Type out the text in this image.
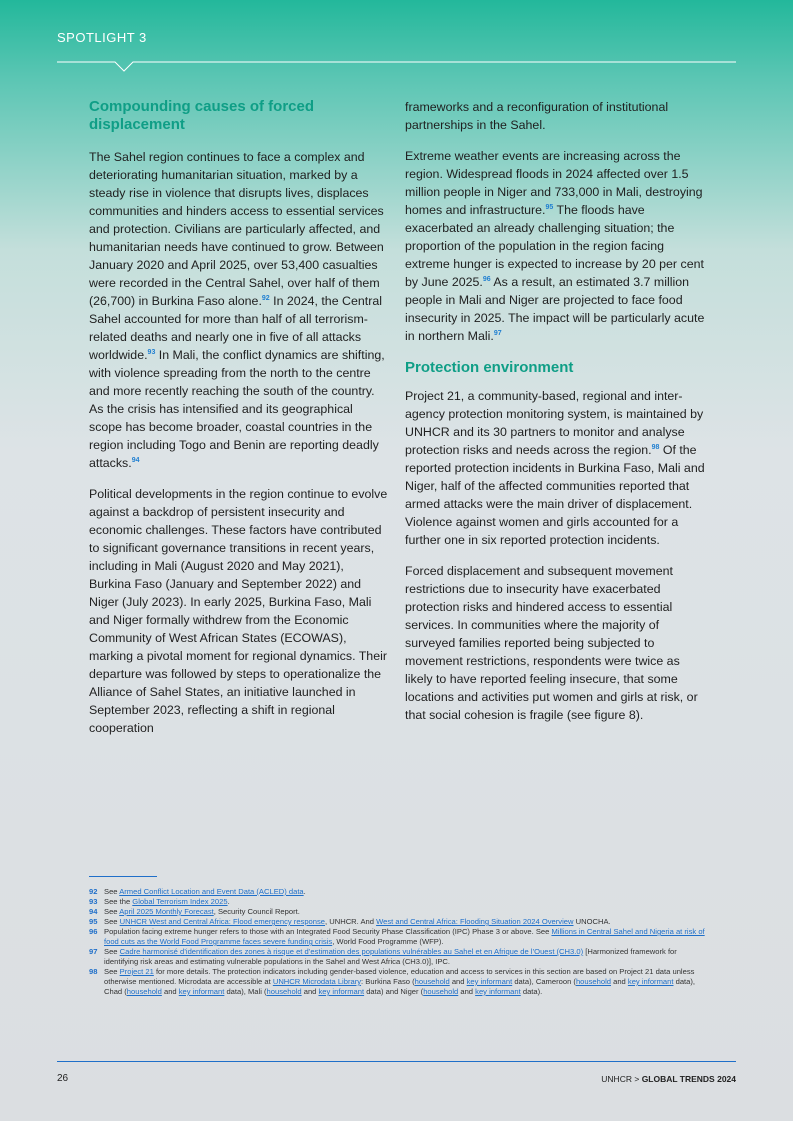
SPOTLIGHT 3
Compounding causes of forced displacement

The Sahel region continues to face a complex and deteriorating humanitarian situation, marked by a steady rise in violence that disrupts lives, displaces communities and hinders access to essential services and protection. Civilians are particularly affected, and humanitarian needs have continued to grow. Between January 2020 and April 2025, over 53,400 casualties were recorded in the Central Sahel, over half of them (26,700) in Burkina Faso alone.$^{92}$ In 2024, the Central Sahel accounted for more than half of all terrorism-related deaths and nearly one in five of all attacks worldwide.$^{93}$ In Mali, the conflict dynamics are shifting, with violence spreading from the north to the centre and more recently reaching the south of the country. As the crisis has intensified and its geographical scope has become broader, coastal countries in the region including Togo and Benin are reporting deadly attacks.$^{94}$

Political developments in the region continue to evolve against a backdrop of persistent insecurity and economic challenges. These factors have contributed to significant governance transitions in recent years, including in Mali (August 2020 and May 2021), Burkina Faso (January and September 2022) and Niger (July 2023). In early 2025, Burkina Faso, Mali and Niger formally withdrew from the Economic Community of West African States (ECOWAS), marking a pivotal moment for regional dynamics. Their departure was followed by steps to operationalize the Alliance of Sahel States, an initiative launched in September 2023, reflecting a shift in regional cooperation

frameworks and a reconfiguration of institutional partnerships in the Sahel.

Extreme weather events are increasing across the region. Widespread floods in 2024 affected over 1.5 million people in Niger and 733,000 in Mali, destroying homes and infrastructure.$^{95}$ The floods have exacerbated an already challenging situation; the proportion of the population in the region facing extreme hunger is expected to increase by 20 per cent by June 2025.96 As a result, an estimated 3.7 million people in Mali and Niger are projected to face food insecurity in 2025. The impact will be particularly acute in northern Mali.$^{97}$

Protection environment

Project 21, a community-based, regional and inter-agency protection monitoring system, is maintained by UNHCR and its 30 partners to monitor and analyse protection risks and needs across the region.$^{98}$ Of the reported protection incidents in Burkina Faso, Mali and Niger, half of the affected communities reported that armed attacks were the main driver of displacement. Violence against women and girls accounted for a further one in six reported protection incidents.

Forced displacement and subsequent movement restrictions due to insecurity have exacerbated protection risks and hindered access to essential services. In communities where the majority of surveyed families reported being subjected to movement restrictions, respondents were twice as likely to have reported feeling insecure, that some locations and activities put women and girls at risk, or that social cohesion is fragile (see figure 8).

92 See Armed Conflict Location and Event Data (ACLED) data.
93 See the Global Terrorism Index 2025.
94 See April 2025 Monthly Forecast, Security Council Report.
95 See UNHCR West and Central Africa: Flood emergency response, UNHCR. And West and Central Africa: Flooding Situation 2024 Overview UNOCHA.
96 Population facing extreme hunger refers to those with an Integrated Food Security Phase Classification (IPC) Phase 3 or above. See Millions in Central Sahel and Nigeria at risk of food cuts as the World Food Programme faces severe funding crisis, World Food Programme (WFP).
97 See Cadre harmonisé d’identification des zones à risque et d’estimation des populations vulnérables au Sahel et en Afrique de l’Ouest (CH3.0) [Harmonized framework for identifying risk areas and estimating vulnerable populations in the Sahel and West Africa (CH3.0)], IPC.
98 See Project 21 for more details. The protection indicators including gender-based violence, education and access to services in this section are based on Project 21 data unless otherwise mentioned. Microdata are accessible at UNHCR Microdata Library: Burkina Faso (household and key informant data), Cameroon (household and key informant data), Chad (household and key informant data), Mali (household and key informant data) and Niger (household and key informant data).
26	UNHCR > GLOBAL TRENDS 2024
